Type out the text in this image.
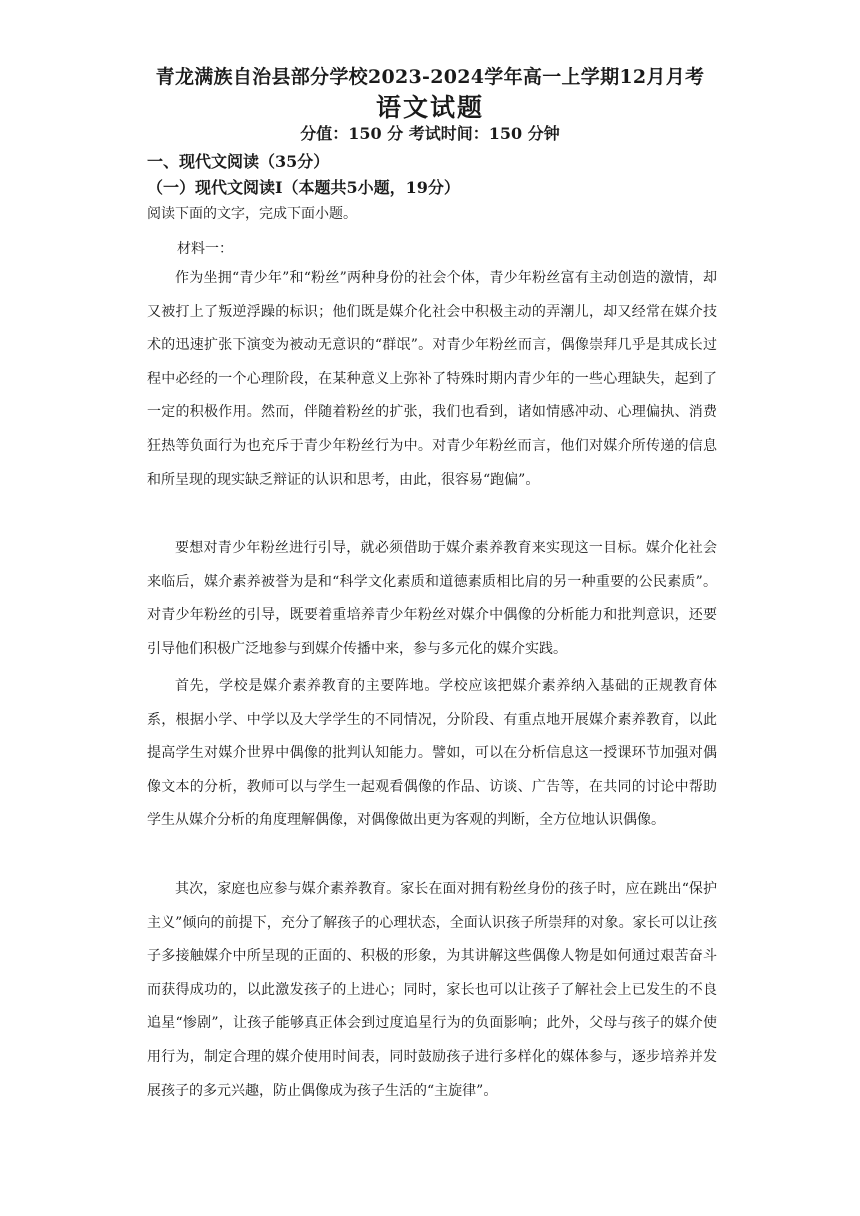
青龙满族自治县部分学校2023-2024学年高一上学期12月月考
语文试题
分值：150 分 考试时间：150 分钟
一、现代文阅读（35分）
（一）现代文阅读Ⅰ（本题共5小题，19分）
阅读下面的文字，完成下面小题。
材料一：

作为坐拥“青少年”和“粉丝”两种身份的社会个体，青少年粉丝富有主动创造的激情，却又被打上了叛逆浮躁的标识；他们既是媒介化社会中积极主动的弄潮儿，却又经常在媒介技术的迅速扩张下演变为被动无意识的“群氓”。对青少年粉丝而言，偶像崇拜几乎是其成长过程中必经的一个心理阶段，在某种意义上弥补了特殊时期内青少年的一些心理缺失，起到了一定的积极作用。然而，伴随着粉丝的扩张，我们也看到，诸如情感冲动、心理偏执、消费狂热等负面行为也充斥于青少年粉丝行为中。对青少年粉丝而言，他们对媒介所传递的信息和所呈现的现实缺乏辩证的认识和思考，由此，很容易“跑偏”。

要想对青少年粉丝进行引导，就必须借助于媒介素养教育来实现这一目标。媒介化社会来临后，媒介素养被誉为是和“科学文化素质和道德素质相比肩的另一种重要的公民素质”。对青少年粉丝的引导，既要着重培养青少年粉丝对媒介中偶像的分析能力和批判意识，还要引导他们积极广泛地参与到媒介传播中来，参与多元化的媒介实践。

首先，学校是媒介素养教育的主要阵地。学校应该把媒介素养纳入基础的正规教育体系，根据小学、中学以及大学学生的不同情况，分阶段、有重点地开展媒介素养教育，以此提高学生对媒介世界中偶像的批判认知能力。譬如，可以在分析信息这一授课环节加强对偶像文本的分析，教师可以与学生一起观看偶像的作品、访谈、广告等，在共同的讨论中帮助学生从媒介分析的角度理解偶像，对偶像做出更为客观的判断，全方位地认识偶像。

其次，家庭也应参与媒介素养教育。家长在面对拥有粉丝身份的孩子时，应在跳出“保护主义”倾向的前提下，充分了解孩子的心理状态，全面认识孩子所崇拜的对象。家长可以让孩子多接触媒介中所呈现的正面的、积极的形象，为其讲解这些偶像人物是如何通过艰苦奋斗而获得成功的，以此激发孩子的上进心；同时，家长也可以让孩子了解社会上已发生的不良追星“惨剧”，让孩子能够真正体会到过度追星行为的负面影响；此外，父母与孩子的媒介使用行为，制定合理的媒介使用时间表，同时鼓励孩子进行多样化的媒体参与，逐步培养并发展孩子的多元兴趣，防止偶像成为孩子生活的“主旋律”。
